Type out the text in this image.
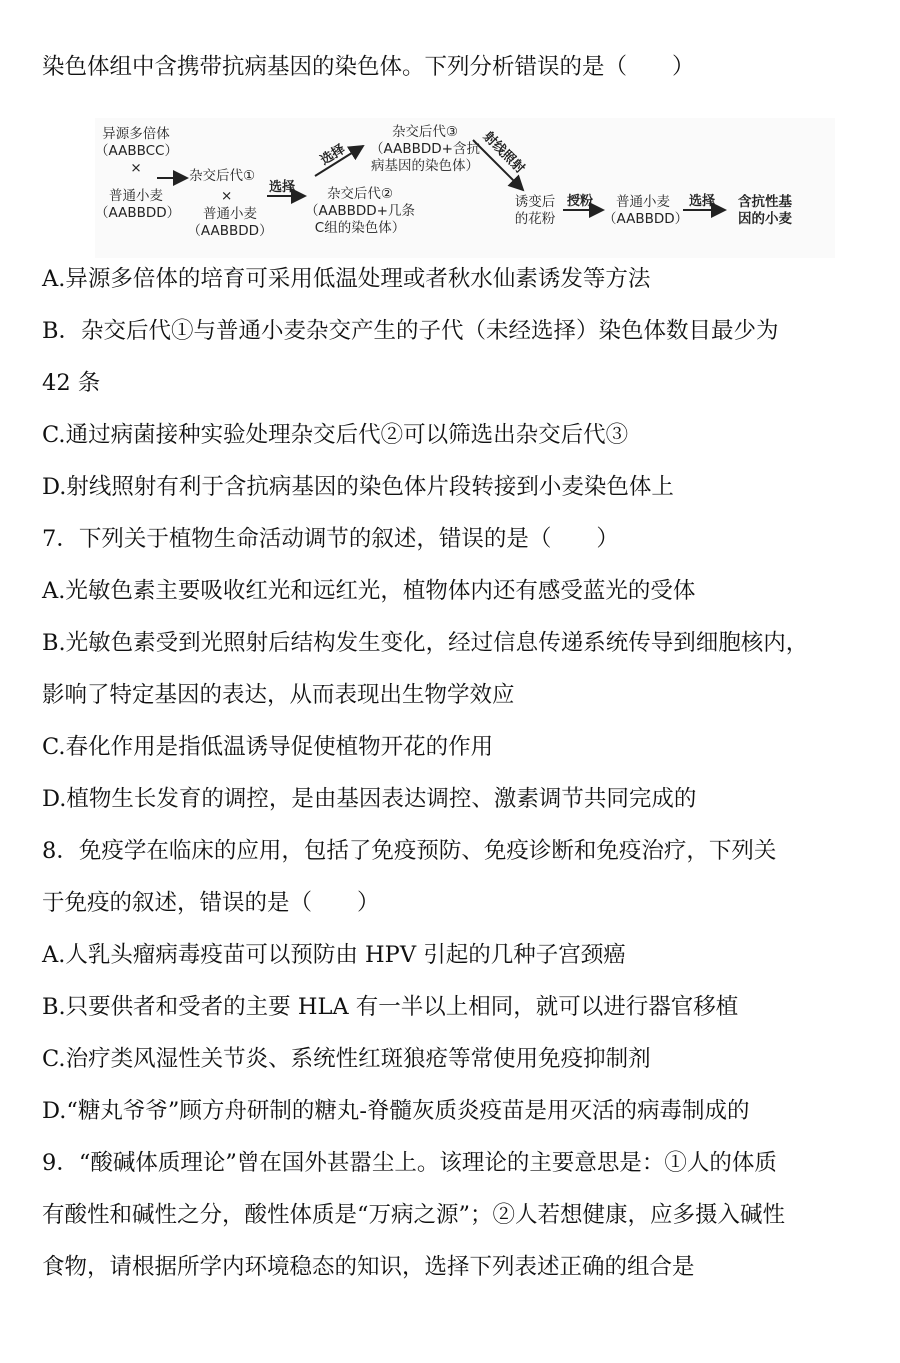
染色体组中含携带抗病基因的染色体。下列分析错误的是（　　）
异源多倍体
（AABBCC）
×
普通小麦
（AABBDD）
杂交后代①
×
普通小麦
（AABBDD）
选择	杂交后代②
（AABBDD+几条
C组的染色体）
选择
杂交后代③
（AABBDD+含抗
病基因的染色体） 射线照射
诱变后
的花粉
授粉	普通小麦
（AABBDD）
选择	含抗性基
因的小麦
A.异源多倍体的培育可采用低温处理或者秋水仙素诱发等方法
B．杂交后代①与普通小麦杂交产生的子代（未经选择）染色体数目最少为
42 条
C.通过病菌接种实验处理杂交后代②可以筛选出杂交后代③
D.射线照射有利于含抗病基因的染色体片段转接到小麦染色体上
7．下列关于植物生命活动调节的叙述，错误的是（　　）
A.光敏色素主要吸收红光和远红光，植物体内还有感受蓝光的受体
B.光敏色素受到光照射后结构发生变化，经过信息传递系统传导到细胞核内，
影响了特定基因的表达，从而表现出生物学效应
C.春化作用是指低温诱导促使植物开花的作用
D.植物生长发育的调控，是由基因表达调控、激素调节共同完成的
8．免疫学在临床的应用，包括了免疫预防、免疫诊断和免疫治疗，下列关
于免疫的叙述，错误的是（　　）
A.人乳头瘤病毒疫苗可以预防由 HPV 引起的几种子宫颈癌
B.只要供者和受者的主要 HLA 有一半以上相同，就可以进行器官移植
C.治疗类风湿性关节炎、系统性红斑狼疮等常使用免疫抑制剂
D.“糖丸爷爷”顾方舟研制的糖丸-脊髓灰质炎疫苗是用灭活的病毒制成的
9．“酸碱体质理论”曾在国外甚嚣尘上。该理论的主要意思是：①人的体质
有酸性和碱性之分，酸性体质是“万病之源”；②人若想健康，应多摄入碱性
食物，请根据所学内环境稳态的知识，选择下列表述正确的组合是
